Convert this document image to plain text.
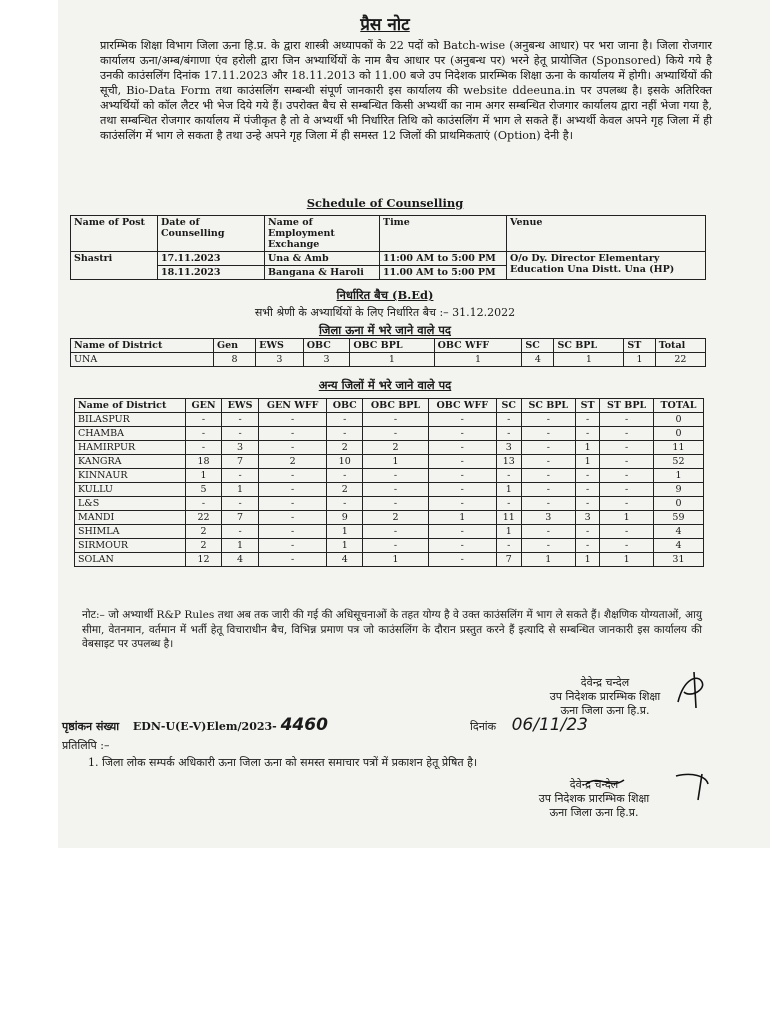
प्रैस नोट
प्रारम्भिक शिक्षा विभाग जिला ऊना हि.प्र. के द्वारा शास्त्री अध्यापकों के 22 पदों को Batch-wise (अनुबन्ध आधार) पर भरा जाना है। जिला रोजगार कार्यालय ऊना/अम्ब/बंगाणा एंव हरोली द्वारा जिन अभ्यार्थियों के नाम बैच आधार पर (अनुबन्ध पर) भरने हेतू प्रायोजित (Sponsored) किये गये है उनकी काउंसलिंग दिनांक 17.11.2023 और 18.11.2013 को 11.00 बजे उप निदेशक प्रारम्भिक शिक्षा ऊना के कार्यालय में होगी। अभ्यार्थियों की सूची, Bio-Data Form तथा काउंसलिंग सम्बन्धी संपूर्ण जानकारी इस कार्यालय की website ddeeuna.in पर उपलब्ध है। इसके अतिरिक्त अभ्यर्थियों को कॉल लैटर भी भेज दिये गये हैं। उपरोक्त बैच से सम्बन्धित किसी अभ्यर्थी का नाम अगर सम्बन्धित रोजगार कार्यालय द्वारा नहीं भेजा गया है, तथा सम्बन्धित रोजगार कार्यालय में पंजीकृत है तो वे अभ्यर्थी भी निर्धारित तिथि को काउंसलिंग में भाग ले सकते हैं। अभ्यर्थी केवल अपने गृह जिला में ही काउंसलिंग में भाग ले सकता है तथा उन्हे अपने गृह जिला में ही समस्त 12 जिलों की प्राथमिकताएं (Option) देनी है।
Schedule of Counselling
Name of Post	Date of Counselling	Name of Employment Exchange	Time	Venue
Shastri	17.11.2023	Una & Amb	11:00 AM to 5:00 PM	O/o Dy. Director Elementary Education Una Distt. Una (HP)
	18.11.2023	Bangana & Haroli	11.00 AM to 5:00 PM	
निर्धारित बैच (B.Ed)
सभी श्रेणी के अभ्यार्थियों के लिए निर्धारित बैच :– 31.12.2022
जिला ऊना में भरे जाने वाले पद
Name of District	Gen	EWS	OBC	OBC BPL	OBC WFF	SC	SC BPL	ST	Total
UNA	8	3	3	1	1	4	1	1	22
अन्य जिलों में भरे जाने वाले पद
Name of District	GEN	EWS	GEN WFF	OBC	OBC BPL	OBC WFF	SC	SC BPL	ST	ST BPL	TOTAL
BILASPUR	-	-	-	-	-	-	-	-	-	-	0
CHAMBA	-	-	-	-	-	-	-	-	-	-	0
HAMIRPUR	-	3	-	2	2	-	3	-	1	-	11
KANGRA	18	7	2	10	1	-	13	-	1	-	52
KINNAUR	1	-	-	-	-	-	-	-	-	-	1
KULLU	5	1	-	2	-	-	1	-	-	-	9
L&S	-	-	-	-	-	-	-	-	-	-	0
MANDI	22	7	-	9	2	1	11	3	3	1	59
SHIMLA	2	-	-	1	-	-	1	-	-	-	4
SIRMOUR	2	1	-	1	-	-	-	-	-	-	4
SOLAN	12	4	-	4	1	-	7	1	1	1	31
नोट:– जो अभ्यार्थी R&P Rules तथा अब तक जारी की गई की अधिसूचनाओं के तहत योग्य है वे उक्त काउंसलिंग में भाग ले सकते हैं। शैक्षणिक योग्यताओं, आयु सीमा, वेतनमान, वर्तमान में भर्ती हेतू विचाराधीन बैच, विभिन्न प्रमाण पत्र जो काउंसलिंग के दौरान प्रस्तुत करने हैं इत्यादि से सम्बन्धित जानकारी इस कार्यालय की वेबसाइट पर उपलब्ध है।
देवेन्द्र चन्देल
उप निदेशक प्रारम्भिक शिक्षा
ऊना जिला ऊना हि.प्र.
पृष्ठांकन संख्या EDN-U(E-V)Elem/2023- 4460	दिनांक 06/11/23
प्रतिलिपि :–
1. जिला लोक सम्पर्क अधिकारी ऊना जिला ऊना को समस्त समाचार पत्रों में प्रकाशन हेतू प्रेषित है।
देवेन्द्र चन्देल
उप निदेशक प्रारम्भिक शिक्षा
ऊना जिला ऊना हि.प्र.
